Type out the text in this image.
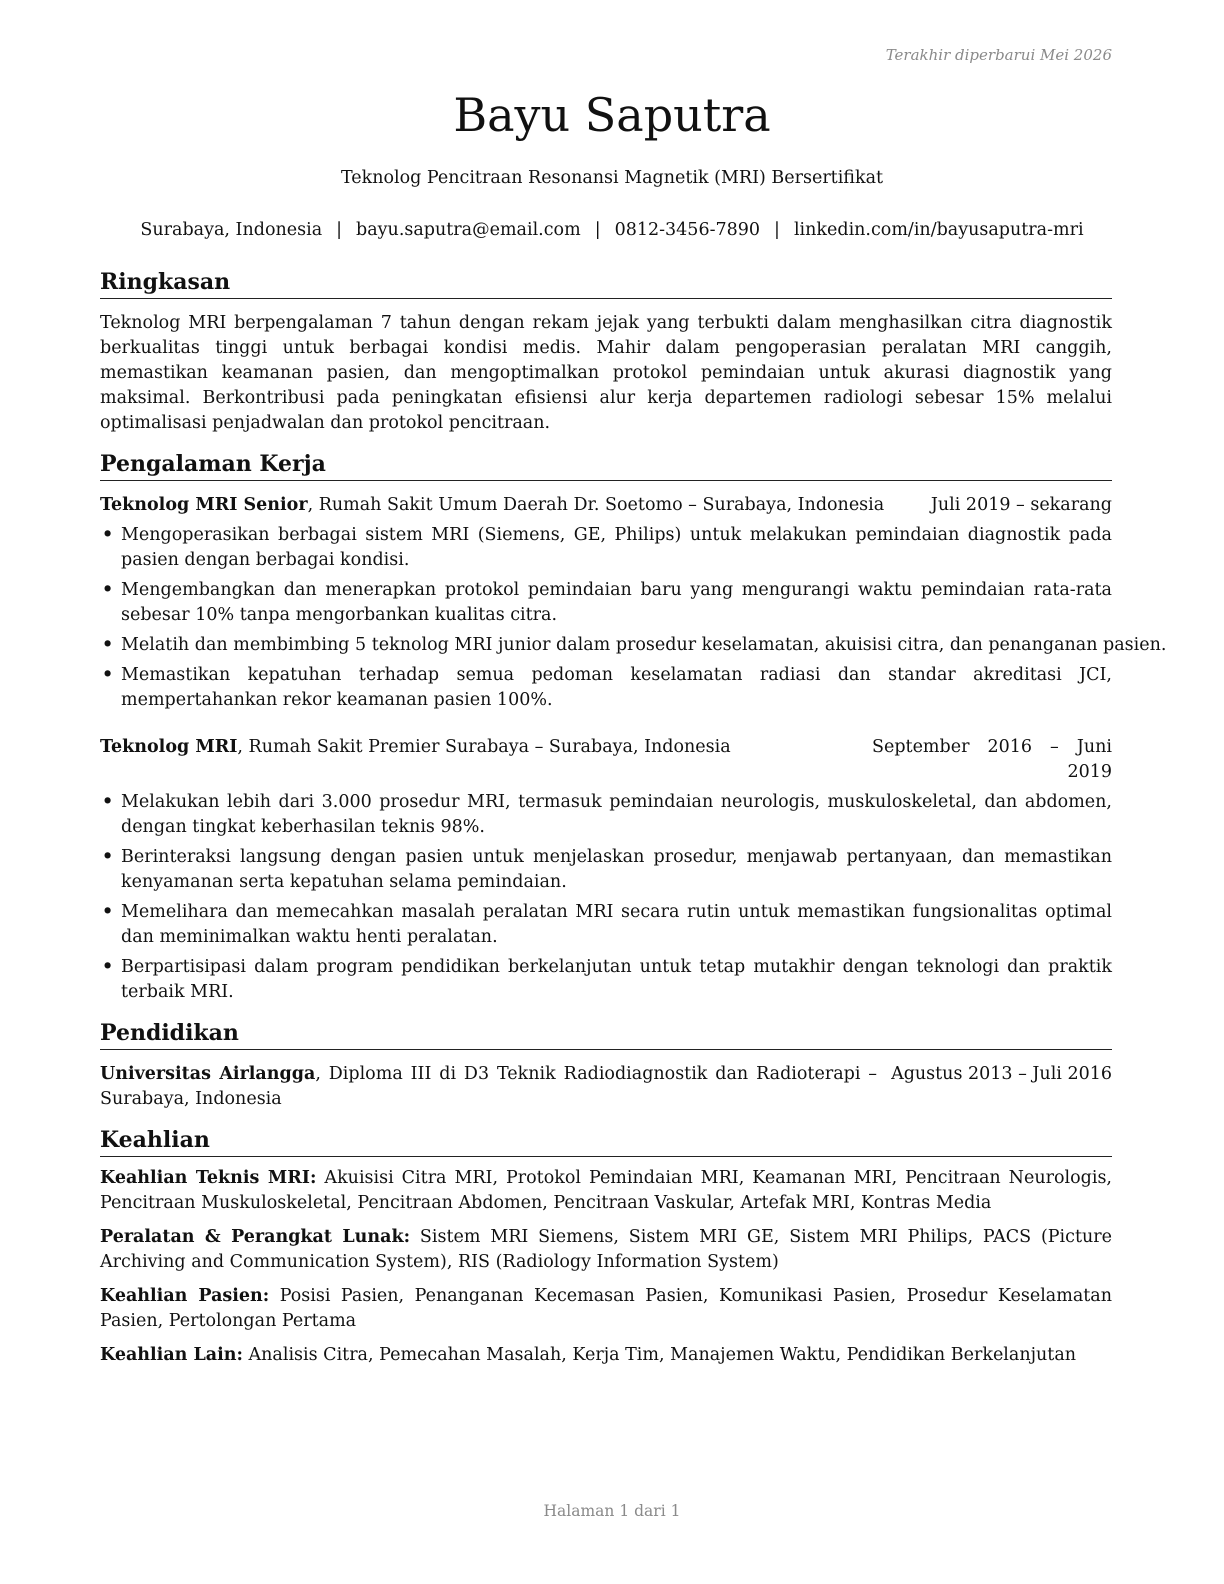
Terakhir diperbarui Mei 2026
Bayu Saputra
Teknolog Pencitraan Resonansi Magnetik (MRI) Bersertifikat
Surabaya, Indonesia | bayu.saputra@email.com | 0812-3456-7890 | linkedin.com/in/bayusaputra-mri
Ringkasan

Teknolog MRI berpengalaman 7 tahun dengan rekam jejak yang terbukti dalam menghasilkan citra diagnostik berkualitas tinggi untuk berbagai kondisi medis. Mahir dalam pengoperasian peralatan MRI canggih, memastikan keamanan pasien, dan mengoptimalkan protokol pemindaian untuk akurasi diagnostik yang maksimal. Berkontribusi pada peningkatan efisiensi alur kerja departemen radiologi sebesar 15% melalui optimalisasi penjadwalan dan protokol pencitraan.

Pengalaman Kerja
Teknolog MRI Senior, Rumah Sakit Umum Daerah Dr. Soetomo – Surabaya, Indonesia	Juli 2019 – sekarang
• Mengoperasikan berbagai sistem MRI (Siemens, GE, Philips) untuk melakukan pemindaian diagnostik pada pasien dengan berbagai kondisi.
• Mengembangkan dan menerapkan protokol pemindaian baru yang mengurangi waktu pemindaian rata-rata sebesar 10% tanpa mengorbankan kualitas citra.
• Melatih dan membimbing 5 teknolog MRI junior dalam prosedur keselamatan, akuisisi citra, dan penanganan pasien.
• Memastikan kepatuhan terhadap semua pedoman keselamatan radiasi dan standar akreditasi JCI, mempertahankan rekor keamanan pasien 100%.
Teknolog MRI, Rumah Sakit Premier Surabaya – Surabaya, Indonesia	September 2016 – Juni 2019
• Melakukan lebih dari 3.000 prosedur MRI, termasuk pemindaian neurologis, muskuloskeletal, dan abdomen, dengan tingkat keberhasilan teknis 98%.
• Berinteraksi langsung dengan pasien untuk menjelaskan prosedur, menjawab pertanyaan, dan memastikan kenyamanan serta kepatuhan selama pemindaian.
• Memelihara dan memecahkan masalah peralatan MRI secara rutin untuk memastikan fungsionalitas optimal dan meminimalkan waktu henti peralatan.
• Berpartisipasi dalam program pendidikan berkelanjutan untuk tetap mutakhir dengan teknologi dan praktik terbaik MRI.
Pendidikan
Universitas Airlangga, Diploma III di D3 Teknik Radiodiagnostik dan Radioterapi – Surabaya, Indonesia
Agustus 2013 – Juli 2016
Keahlian
Keahlian Teknis MRI: Akuisisi Citra MRI, Protokol Pemindaian MRI, Keamanan MRI, Pencitraan Neurologis, Pencitraan Muskuloskeletal, Pencitraan Abdomen, Pencitraan Vaskular, Artefak MRI, Kontras Media
Peralatan & Perangkat Lunak: Sistem MRI Siemens, Sistem MRI GE, Sistem MRI Philips, PACS (Picture Archiving and Communication System), RIS (Radiology Information System)
Keahlian Pasien: Posisi Pasien, Penanganan Kecemasan Pasien, Komunikasi Pasien, Prosedur Keselamatan Pasien, Pertolongan Pertama
Keahlian Lain: Analisis Citra, Pemecahan Masalah, Kerja Tim, Manajemen Waktu, Pendidikan Berkelanjutan
Halaman 1 dari 1
